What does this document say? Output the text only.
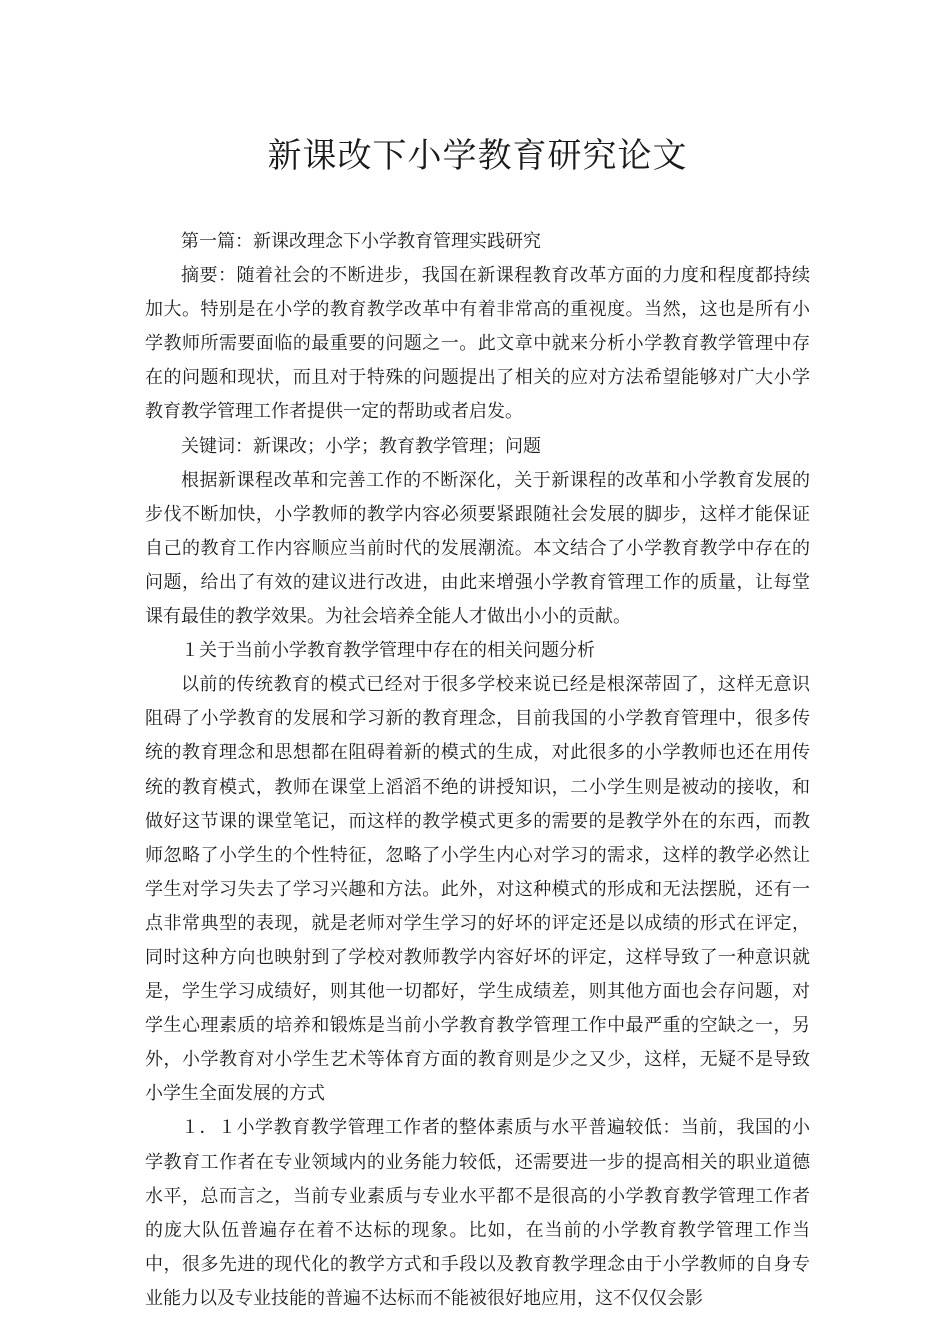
新课改下小学教育研究论文

第一篇：新课改理念下小学教育管理实践研究

摘要：随着社会的不断进步，我国在新课程教育改革方面的力度和程度都持续加大。特别是在小学的教育教学改革中有着非常高的重视度。当然，这也是所有小学教师所需要面临的最重要的问题之一。此文章中就来分析小学教育教学管理中存在的问题和现状，而且对于特殊的问题提出了相关的应对方法希望能够对广大小学教育教学管理工作者提供一定的帮助或者启发。

关键词：新课改；小学；教育教学管理；问题

根据新课程改革和完善工作的不断深化，关于新课程的改革和小学教育发展的步伐不断加快，小学教师的教学内容必须要紧跟随社会发展的脚步，这样才能保证自己的教育工作内容顺应当前时代的发展潮流。本文结合了小学教育教学中存在的问题，给出了有效的建议进行改进，由此来增强小学教育管理工作的质量，让每堂课有最佳的教学效果。为社会培养全能人才做出小小的贡献。

１关于当前小学教育教学管理中存在的相关问题分析

以前的传统教育的模式已经对于很多学校来说已经是根深蒂固了，这样无意识阻碍了小学教育的发展和学习新的教育理念，目前我国的小学教育管理中，很多传统的教育理念和思想都在阻碍着新的模式的生成，对此很多的小学教师也还在用传统的教育模式，教师在课堂上滔滔不绝的讲授知识，二小学生则是被动的接收，和做好这节课的课堂笔记，而这样的教学模式更多的需要的是教学外在的东西，而教师忽略了小学生的个性特征，忽略了小学生内心对学习的需求，这样的教学必然让学生对学习失去了学习兴趣和方法。此外，对这种模式的形成和无法摆脱，还有一点非常典型的表现，就是老师对学生学习的好坏的评定还是以成绩的形式在评定，同时这种方向也映射到了学校对教师教学内容好坏的评定，这样导致了一种意识就是，学生学习成绩好，则其他一切都好，学生成绩差，则其他方面也会存问题，对学生心理素质的培养和锻炼是当前小学教育教学管理工作中最严重的空缺之一，另外，小学教育对小学生艺术等体育方面的教育则是少之又少，这样，无疑不是导致小学生全面发展的方式

１．１小学教育教学管理工作者的整体素质与水平普遍较低：当前，我国的小学教育工作者在专业领域内的业务能力较低，还需要进一步的提高相关的职业道德水平，总而言之，当前专业素质与专业水平都不是很高的小学教育教学管理工作者的庞大队伍普遍存在着不达标的现象。比如，在当前的小学教育教学管理工作当中，很多先进的现代化的教学方式和手段以及教育教学理念由于小学教师的自身专业能力以及专业技能的普遍不达标而不能被很好地应用，这不仅仅会影
